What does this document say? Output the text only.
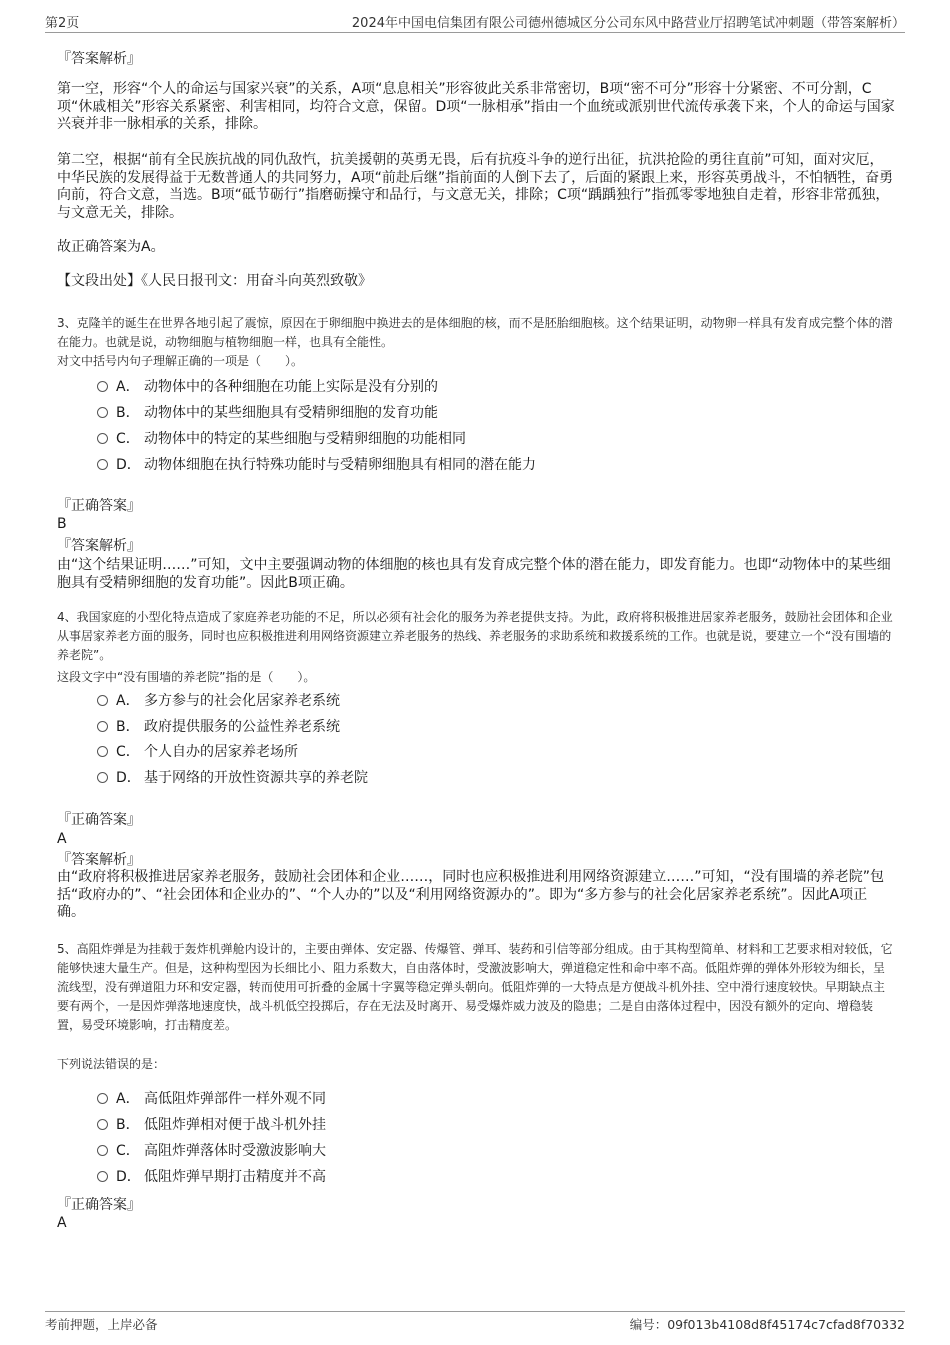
第2页	2024年中国电信集团有限公司德州德城区分公司东风中路营业厅招聘笔试冲刺题（带答案解析）
『答案解析』
第一空，形容“个人的命运与国家兴衰”的关系，A项“息息相关”形容彼此关系非常密切，B项“密不可分”形容十分紧密、不可分割，C项“休戚相关”形容关系紧密、利害相同，均符合文意，保留。D项“一脉相承”指由一个血统或派别世代流传承袭下来，个人的命运与国家兴衰并非一脉相承的关系，排除。
第二空，根据“前有全民族抗战的同仇敌忾，抗美援朝的英勇无畏，后有抗疫斗争的逆行出征，抗洪抢险的勇往直前”可知，面对灾厄，中华民族的发展得益于无数普通人的共同努力，A项“前赴后继”指前面的人倒下去了，后面的紧跟上来，形容英勇战斗，不怕牺牲，奋勇向前，符合文意，当选。B项“砥节砺行”指磨砺操守和品行，与文意无关，排除；C项“踽踽独行”指孤零零地独自走着，形容非常孤独，与文意无关，排除。
故正确答案为A。
【文段出处】《人民日报刊文：用奋斗向英烈致敬》
3、克隆羊的诞生在世界各地引起了震惊，原因在于卵细胞中换进去的是体细胞的核，而不是胚胎细胞核。这个结果证明，动物卵一样具有发育成完整个体的潜在能力。也就是说，动物细胞与植物细胞一样，也具有全能性。
对文中括号内句子理解正确的一项是（　　）。
A． 动物体中的各种细胞在功能上实际是没有分别的
B． 动物体中的某些细胞具有受精卵细胞的发育功能
C． 动物体中的特定的某些细胞与受精卵细胞的功能相同
D． 动物体细胞在执行特殊功能时与受精卵细胞具有相同的潜在能力
『正确答案』
B
『答案解析』
由“这个结果证明……”可知，文中主要强调动物的体细胞的核也具有发育成完整个体的潜在能力，即发育能力。也即“动物体中的某些细胞具有受精卵细胞的发育功能”。因此B项正确。
4、我国家庭的小型化特点造成了家庭养老功能的不足，所以必须有社会化的服务为养老提供支持。为此，政府将积极推进居家养老服务，鼓励社会团体和企业从事居家养老方面的服务，同时也应积极推进利用网络资源建立养老服务的热线、养老服务的求助系统和救援系统的工作。也就是说，要建立一个“没有围墙的养老院”。
这段文字中“没有围墙的养老院”指的是（　　）。
A． 多方参与的社会化居家养老系统
B． 政府提供服务的公益性养老系统
C． 个人自办的居家养老场所
D． 基于网络的开放性资源共享的养老院
『正确答案』
A
『答案解析』
由“政府将积极推进居家养老服务，鼓励社会团体和企业……，同时也应积极推进利用网络资源建立……”可知，“没有围墙的养老院”包括“政府办的”、“社会团体和企业办的”、“个人办的”以及“利用网络资源办的”。即为“多方参与的社会化居家养老系统”。因此A项正确。
5、高阻炸弹是为挂载于轰炸机弹舱内设计的，主要由弹体、安定器、传爆管、弹耳、装药和引信等部分组成。由于其构型简单、材料和工艺要求相对较低，它能够快速大量生产。但是，这种构型因为长细比小、阻力系数大，自由落体时，受激波影响大，弹道稳定性和命中率不高。低阻炸弹的弹体外形较为细长，呈流线型，没有弹道阻力环和安定器，转而使用可折叠的金属十字翼等稳定弹头朝向。低阻炸弹的一大特点是方便战斗机外挂、空中滑行速度较快。早期缺点主要有两个，一是因炸弹落地速度快，战斗机低空投掷后，存在无法及时离开、易受爆炸威力波及的隐患；二是自由落体过程中，因没有额外的定向、增稳装置，易受环境影响，打击精度差。
下列说法错误的是：
A． 高低阻炸弹部件一样外观不同
B． 低阻炸弹相对便于战斗机外挂
C． 高阻炸弹落体时受激波影响大
D． 低阻炸弹早期打击精度并不高
『正确答案』
A
考前押题，上岸必备	编号：09f013b4108d8f45174c7cfad8f70332
